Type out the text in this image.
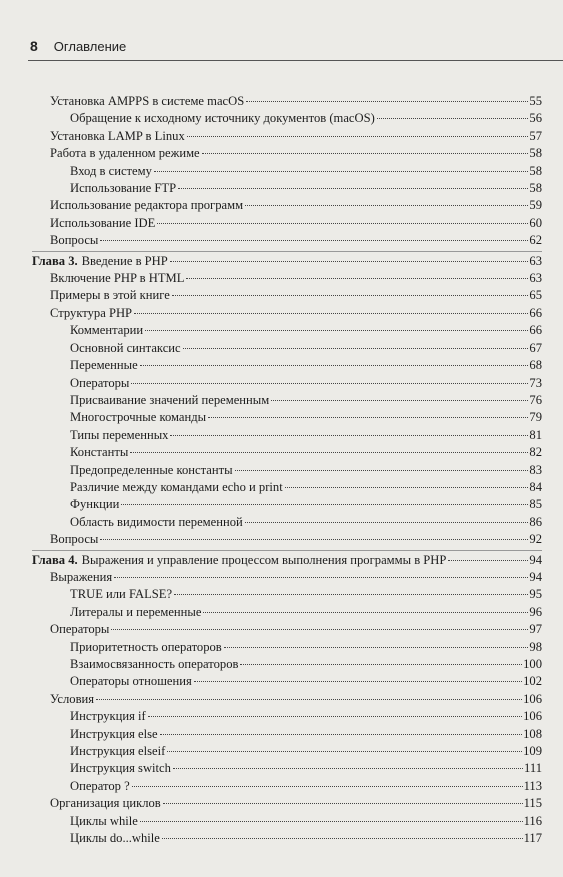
8 Оглавление
Установка AMPPS в системе macOS	55
Обращение к исходному источнику документов (macOS)	56
Установка LAMP в Linux	57
Работа в удаленном режиме	58
Вход в систему	58
Использование FTP	58
Использование редактора программ	59
Использование IDE	60
Вопросы	62
Глава 3. Введение в PHP	63
Включение PHP в HTML	63
Примеры в этой книге	65
Структура PHP	66
Комментарии	66
Основной синтаксис	67
Переменные	68
Операторы	73
Присваивание значений переменным	76
Многострочные команды	79
Типы переменных	81
Константы	82
Предопределенные константы	83
Различие между командами echo и print	84
Функции	85
Область видимости переменной	86
Вопросы	92
Глава 4. Выражения и управление процессом выполнения программы в PHP	94
Выражения	94
TRUE или FALSE?	95
Литералы и переменные	96
Операторы	97
Приоритетность операторов	98
Взаимосвязанность операторов	100
Операторы отношения	102
Условия	106
Инструкция if	106
Инструкция else	108
Инструкция elseif	109
Инструкция switch	111
Оператор ?	113
Организация циклов	115
Циклы while	116
Циклы do...while	117
